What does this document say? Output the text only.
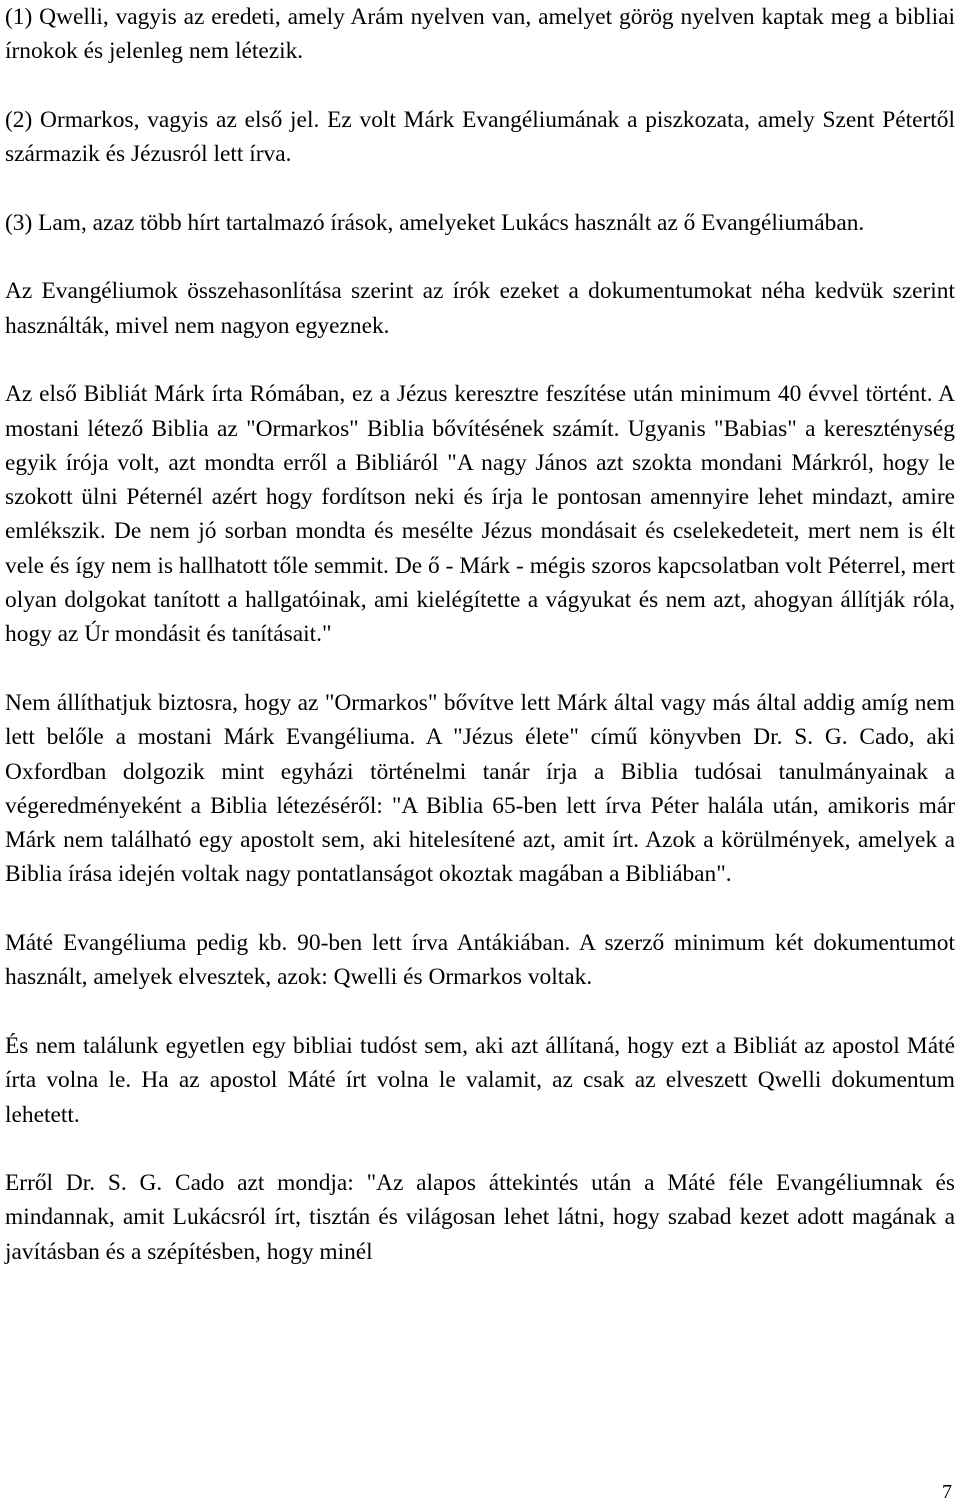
(1) Qwelli, vagyis az eredeti, amely Arám nyelven van, amelyet görög nyelven kaptak meg a bibliai írnokok és jelenleg nem létezik.

(2) Ormarkos, vagyis az első jel. Ez volt Márk Evangéliumának a piszkozata, amely Szent Pétertől származik és Jézusról lett írva.

(3) Lam, azaz több hírt tartalmazó írások, amelyeket Lukács használt az ő Evangéliumában.

Az Evangéliumok összehasonlítása szerint az írók ezeket a dokumentumokat néha kedvük szerint használták, mivel nem nagyon egyeznek.

Az első Bibliát Márk írta Rómában, ez a Jézus keresztre feszítése után minimum 40 évvel történt. A mostani létező Biblia az "Ormarkos" Biblia bővítésének számít. Ugyanis "Babias" a kereszténység egyik írója volt, azt mondta erről a Bibliáról "A nagy János azt szokta mondani Márkról, hogy le szokott ülni Péternél azért hogy fordítson neki és írja le pontosan amennyire lehet mindazt, amire emlékszik. De nem jó sorban mondta és mesélte Jézus mondásait és cselekedeteit, mert nem is élt vele és így nem is hallhatott tőle semmit. De ő - Márk - mégis szoros kapcsolatban volt Péterrel, mert olyan dolgokat tanított a hallgatóinak, ami kielégítette a vágyukat és nem azt, ahogyan állítják róla, hogy az Úr mondásit és tanításait."

Nem állíthatjuk biztosra, hogy az "Ormarkos" bővítve lett Márk által vagy más által addig amíg nem lett belőle a mostani Márk Evangéliuma. A "Jézus élete" című könyvben Dr. S. G. Cado, aki Oxfordban dolgozik mint egyházi történelmi tanár írja a Biblia tudósai tanulmányainak a végeredményeként a Biblia létezéséről: "A Biblia 65-ben lett írva Péter halála után, amikoris már Márk nem található egy apostolt sem, aki hitelesítené azt, amit írt. Azok a körülmények, amelyek a Biblia írása idején voltak nagy pontatlanságot okoztak magában a Bibliában".

Máté Evangéliuma pedig kb. 90-ben lett írva Antákiában. A szerző minimum két dokumentumot használt, amelyek elvesztek, azok: Qwelli és Ormarkos voltak.

És nem találunk egyetlen egy bibliai tudóst sem, aki azt állítaná, hogy ezt a Bibliát az apostol Máté írta volna le. Ha az apostol Máté írt volna le valamit, az csak az elveszett Qwelli dokumentum lehetett.

Erről Dr. S. G. Cado azt mondja: "Az alapos áttekintés után a Máté féle Evangéliumnak és mindannak, amit Lukácsról írt, tisztán és világosan lehet látni, hogy szabad kezet adott magának a javításban és a szépítésben, hogy minél

7
